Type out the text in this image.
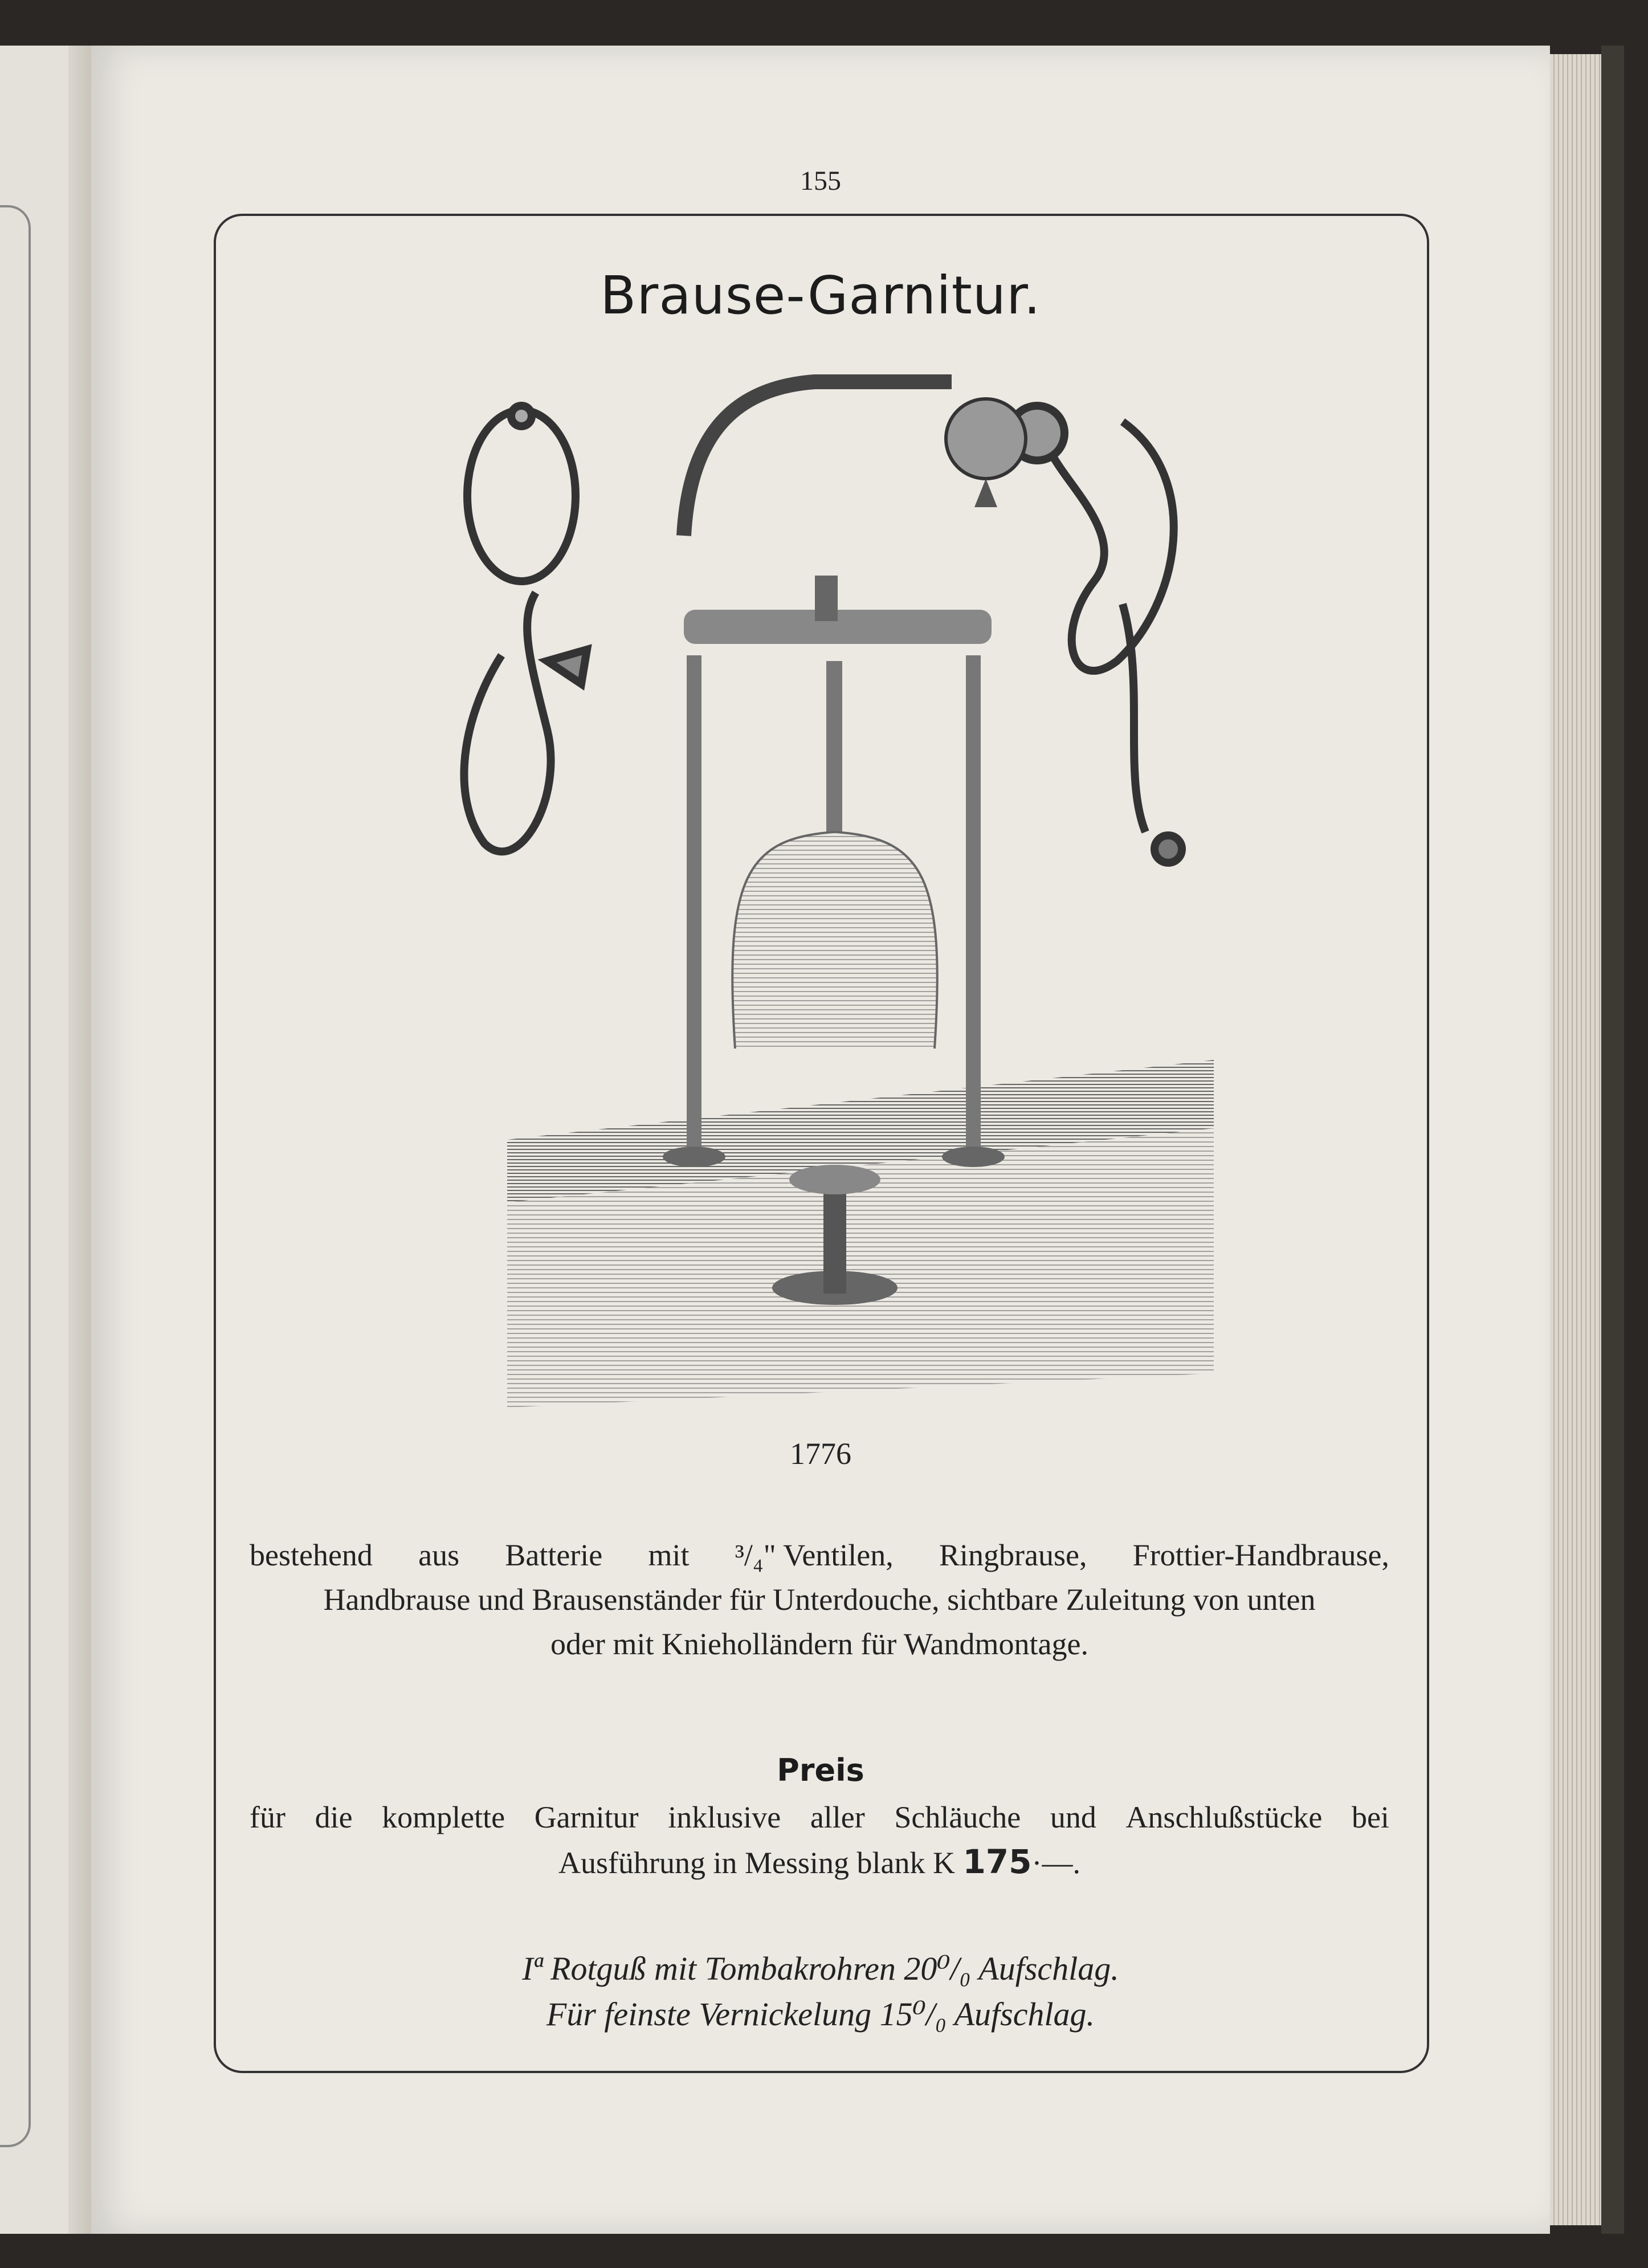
155
Brause-Garnitur.
1776
bestehend aus Batterie mit ³/₄" Ventilen, Ringbrause, Frottier-Handbrause,
Handbrause und Brausenständer für Unterdouche, sichtbare Zuleitung von unten
oder mit Knieholländern für Wandmontage.
Preis
für die komplette Garnitur inklusive aller Schläuche und Anschlußstücke bei
Ausführung in Messing blank K 175·—.
Iª Rotguß mit Tombakrohren 20⁰/₀ Aufschlag.
Für feinste Vernickelung 15⁰/₀ Aufschlag.
